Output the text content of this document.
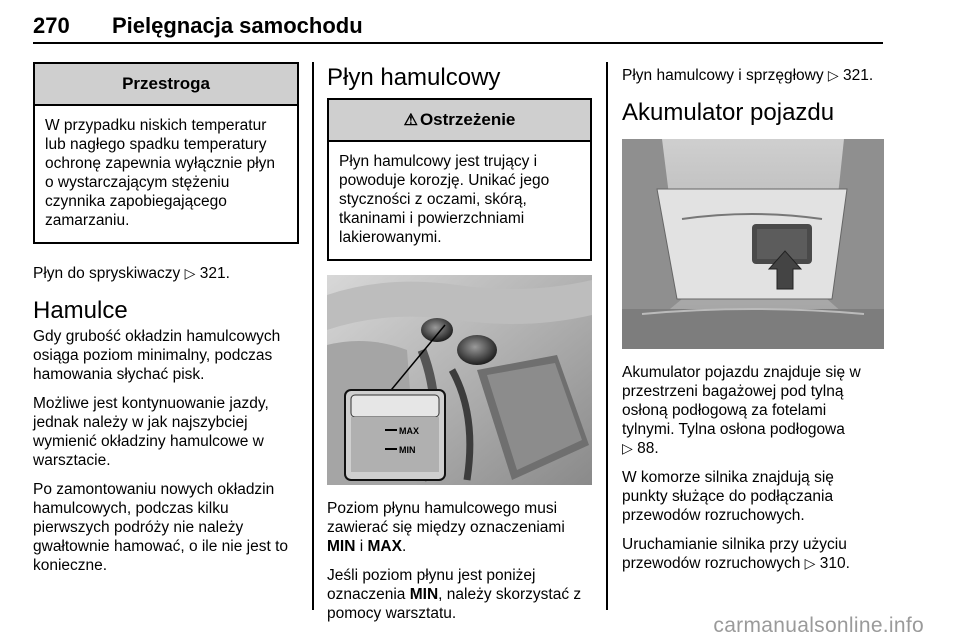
270	Pielęgnacja samochodu
Przestroga
W przypadku niskich temperatur
lub nagłego spadku temperatury
ochronę zapewnia wyłącznie płyn
o wystarczającym stężeniu
czynnika zapobiegającego
zamarzaniu.

Płyn do spryskiwaczy ▷ 321.

Hamulce

Gdy grubość okładzin hamulcowych
osiąga poziom minimalny, podczas
hamowania słychać pisk.

Możliwe jest kontynuowanie jazdy,
jednak należy w jak najszybciej
wymienić okładziny hamulcowe w
warsztacie.

Po zamontowaniu nowych okładzin
hamulcowych, podczas kilku
pierwszych podróży nie należy
gwałtownie hamować, o ile nie jest to
konieczne.

Płyn hamulcowy
⚠ Ostrzeżenie
Płyn hamulcowy jest trujący i
powoduje korozję. Unikać jego
styczności z oczami, skórą,
tkaninami i powierzchniami
lakierowanymi.
MAX
MIN

Poziom płynu hamulcowego musi
zawierać się między oznaczeniami
MIN i MAX.

Jeśli poziom płynu jest poniżej
oznaczenia MIN, należy skorzystać z
pomocy warsztatu.

Płyn hamulcowy i sprzęgłowy ▷ 321.

Akumulator pojazdu

Akumulator pojazdu znajduje się w
przestrzeni bagażowej pod tylną
osłoną podłogową za fotelami
tylnymi. Tylna osłona podłogowa
▷ 88.

W komorze silnika znajdują się
punkty służące do podłączania
przewodów rozruchowych.

Uruchamianie silnika przy użyciu
przewodów rozruchowych ▷ 310.

carmanualsonline.info
